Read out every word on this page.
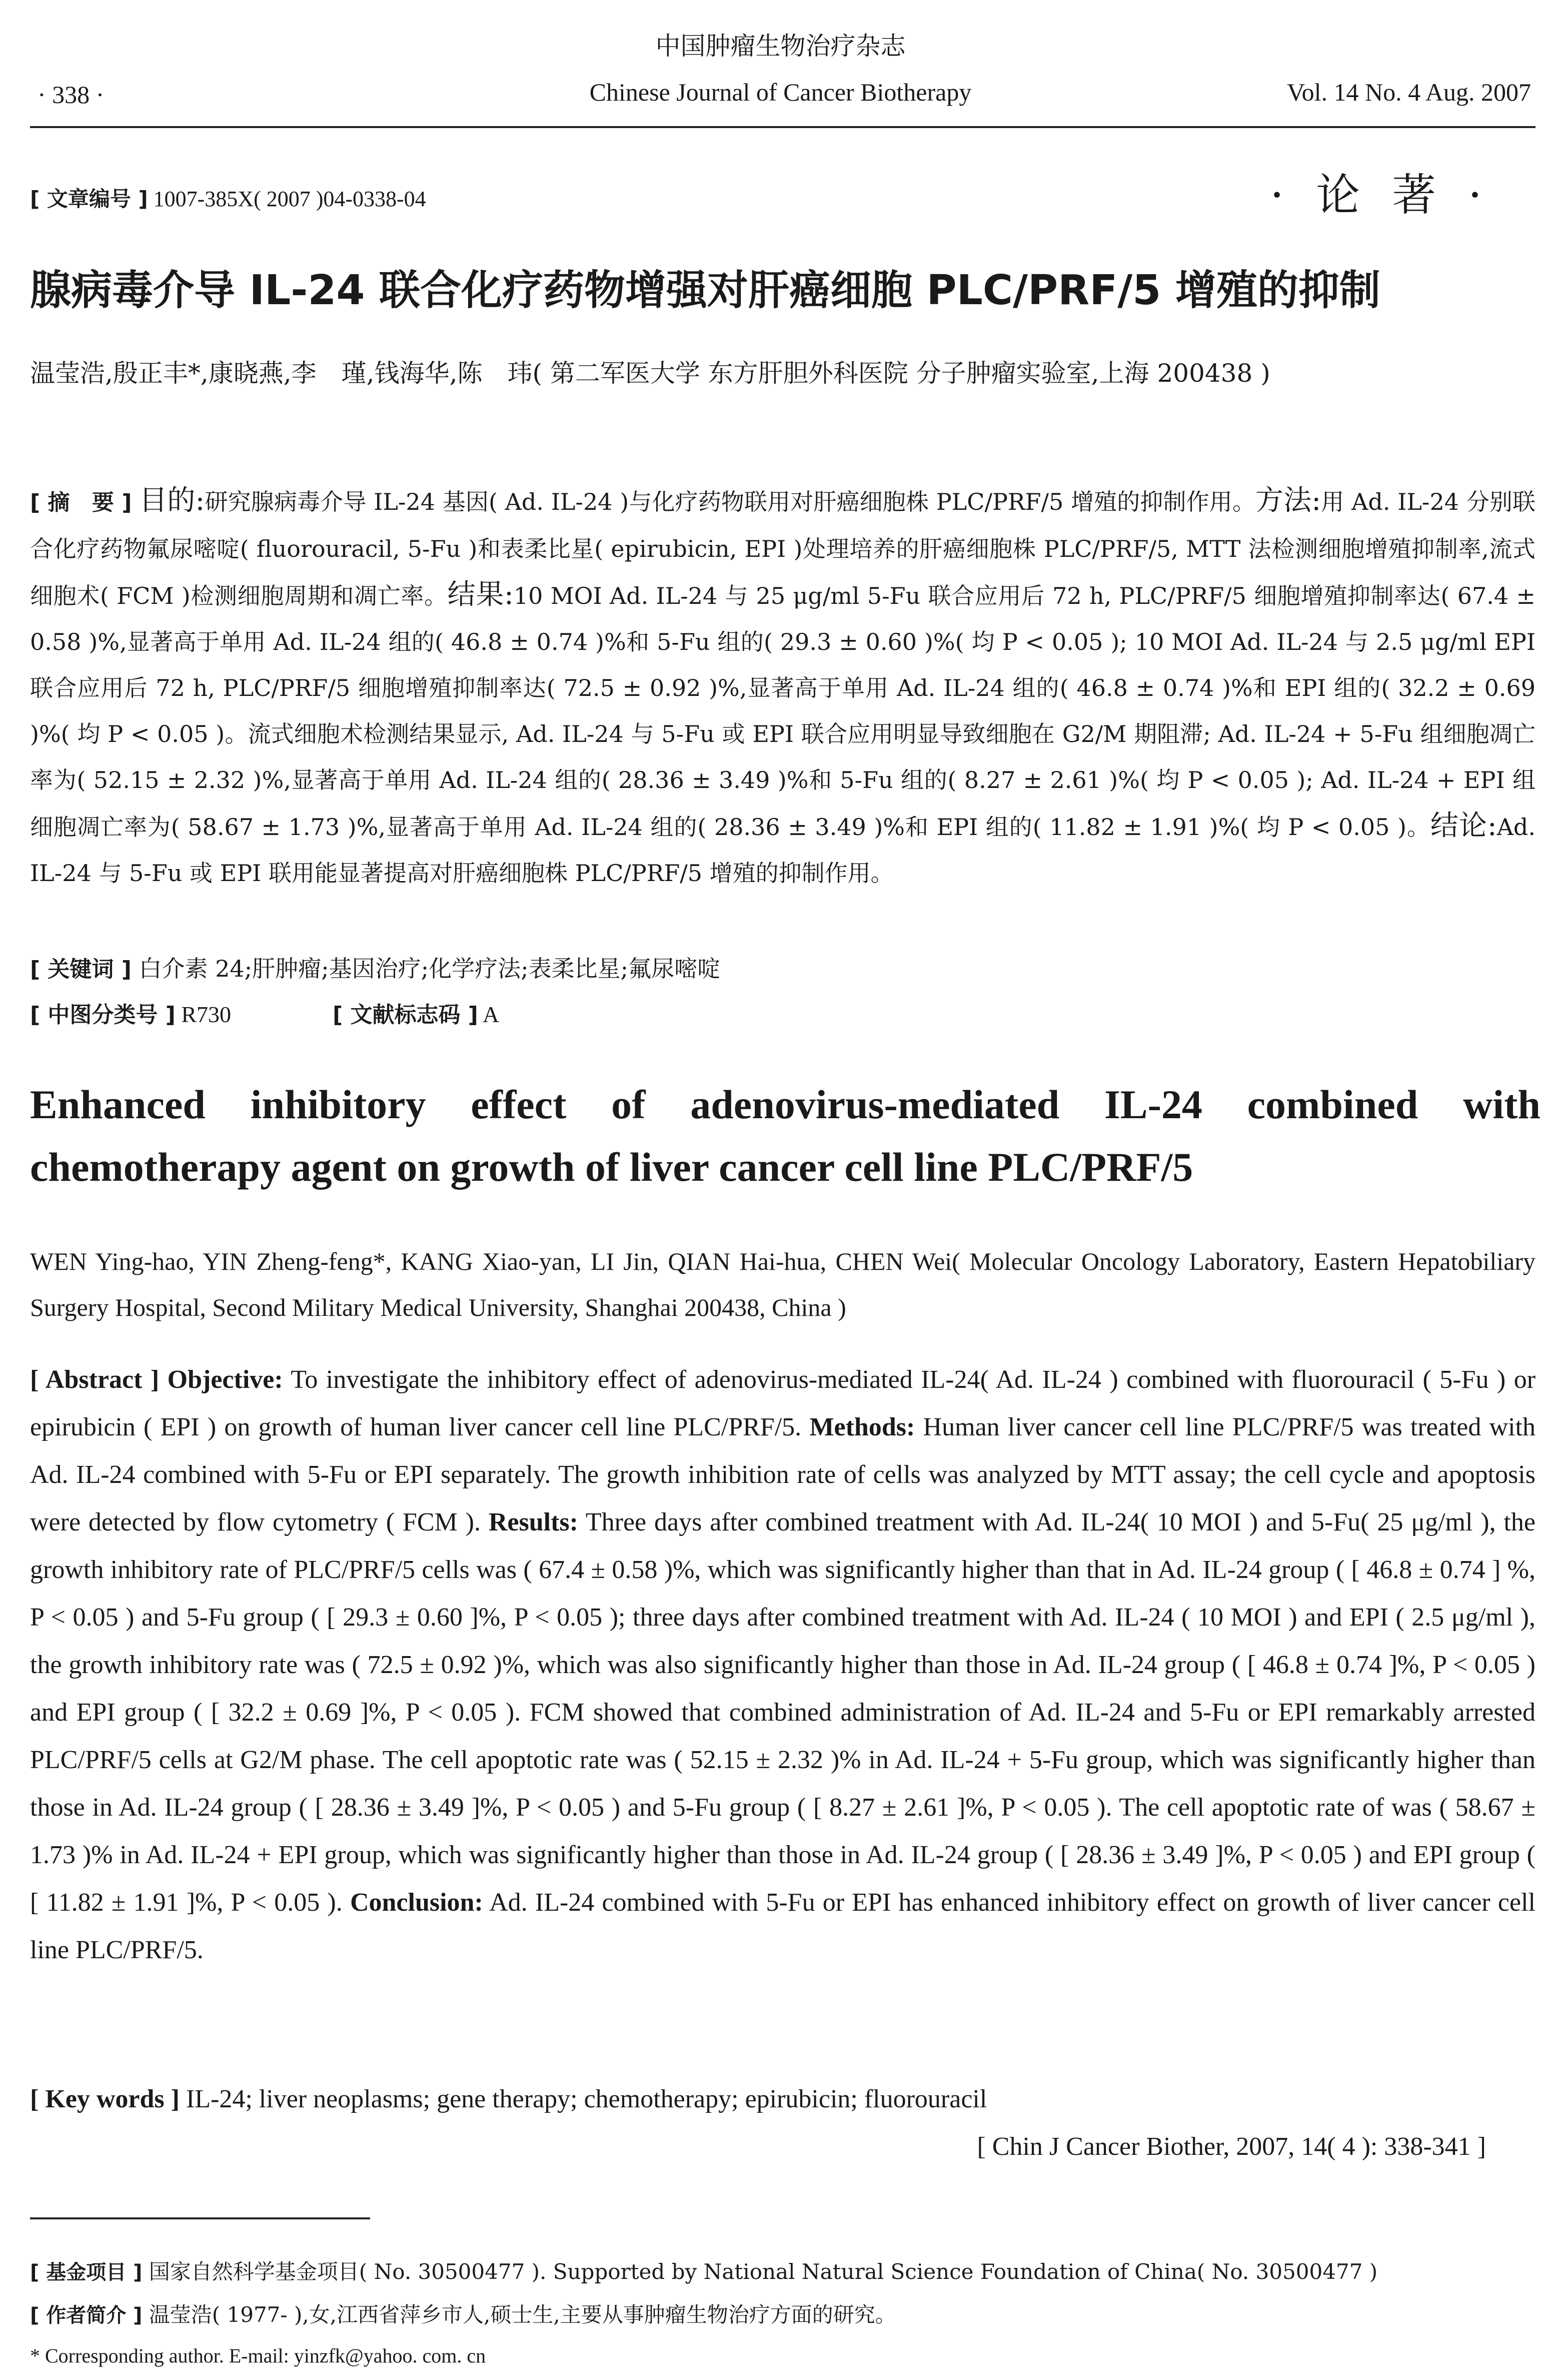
中国肿瘤生物治疗杂志
· 338 ·	Chinese Journal of Cancer Biotherapy	Vol. 14 No. 4 Aug. 2007
[ 文章编号 ] 1007-385X( 2007 )04-0338-04	· 论 著 ·
腺病毒介导 IL-24 联合化疗药物增强对肝癌细胞 PLC/PRF/5 增殖的抑制
温莹浩,殷正丰*,康晓燕,李　瑾,钱海华,陈　玮( 第二军医大学 东方肝胆外科医院 分子肿瘤实验室,上海 200438 )
[ 摘　要 ] 目的:研究腺病毒介导 IL-24 基因( Ad. IL-24 )与化疗药物联用对肝癌细胞株 PLC/PRF/5 增殖的抑制作用。方法:用 Ad. IL-24 分别联合化疗药物氟尿嘧啶( fluorouracil, 5-Fu )和表柔比星( epirubicin, EPI )处理培养的肝癌细胞株 PLC/PRF/5, MTT 法检测细胞增殖抑制率,流式细胞术( FCM )检测细胞周期和凋亡率。结果:10 MOI Ad. IL-24 与 25 μg/ml 5-Fu 联合应用后 72 h, PLC/PRF/5 细胞增殖抑制率达( 67.4 ± 0.58 )%,显著高于单用 Ad. IL-24 组的( 46.8 ± 0.74 )%和 5-Fu 组的( 29.3 ± 0.60 )%( 均 P < 0.05 ); 10 MOI Ad. IL-24 与 2.5 μg/ml EPI 联合应用后 72 h, PLC/PRF/5 细胞增殖抑制率达( 72.5 ± 0.92 )%,显著高于单用 Ad. IL-24 组的( 46.8 ± 0.74 )%和 EPI 组的( 32.2 ± 0.69 )%( 均 P < 0.05 )。流式细胞术检测结果显示, Ad. IL-24 与 5-Fu 或 EPI 联合应用明显导致细胞在 G2/M 期阻滞; Ad. IL-24 + 5-Fu 组细胞凋亡率为( 52.15 ± 2.32 )%,显著高于单用 Ad. IL-24 组的( 28.36 ± 3.49 )%和 5-Fu 组的( 8.27 ± 2.61 )%( 均 P < 0.05 ); Ad. IL-24 + EPI 组细胞凋亡率为( 58.67 ± 1.73 )%,显著高于单用 Ad. IL-24 组的( 28.36 ± 3.49 )%和 EPI 组的( 11.82 ± 1.91 )%( 均 P < 0.05 )。结论:Ad. IL-24 与 5-Fu 或 EPI 联用能显著提高对肝癌细胞株 PLC/PRF/5 增殖的抑制作用。
[ 关键词 ] 白介素 24;肝肿瘤;基因治疗;化学疗法;表柔比星;氟尿嘧啶
[ 中图分类号 ] R730	[ 文献标志码 ] A
Enhanced inhibitory effect of adenovirus-mediated IL-24 combined with chemotherapy agent on growth of liver cancer cell line PLC/PRF/5
WEN Ying-hao, YIN Zheng-feng*, KANG Xiao-yan, LI Jin, QIAN Hai-hua, CHEN Wei( Molecular Oncology Laboratory, Eastern Hepatobiliary Surgery Hospital, Second Military Medical University, Shanghai 200438, China )
[ Abstract ] Objective: To investigate the inhibitory effect of adenovirus-mediated IL-24( Ad. IL-24 ) combined with fluorouracil ( 5-Fu ) or epirubicin ( EPI ) on growth of human liver cancer cell line PLC/PRF/5. Methods: Human liver cancer cell line PLC/PRF/5 was treated with Ad. IL-24 combined with 5-Fu or EPI separately. The growth inhibition rate of cells was analyzed by MTT assay; the cell cycle and apoptosis were detected by flow cytometry ( FCM ). Results: Three days after combined treatment with Ad. IL-24( 10 MOI ) and 5-Fu( 25 μg/ml ), the growth inhibitory rate of PLC/PRF/5 cells was ( 67.4 ± 0.58 )%, which was significantly higher than that in Ad. IL-24 group ( [ 46.8 ± 0.74 ] %, P < 0.05 ) and 5-Fu group ( [ 29.3 ± 0.60 ]%, P < 0.05 ); three days after combined treatment with Ad. IL-24 ( 10 MOI ) and EPI ( 2.5 μg/ml ), the growth inhibitory rate was ( 72.5 ± 0.92 )%, which was also significantly higher than those in Ad. IL-24 group ( [ 46.8 ± 0.74 ]%, P < 0.05 ) and EPI group ( [ 32.2 ± 0.69 ]%, P < 0.05 ). FCM showed that combined administration of Ad. IL-24 and 5-Fu or EPI remarkably arrested PLC/PRF/5 cells at G2/M phase. The cell apoptotic rate was ( 52.15 ± 2.32 )% in Ad. IL-24 + 5-Fu group, which was significantly higher than those in Ad. IL-24 group ( [ 28.36 ± 3.49 ]%, P < 0.05 ) and 5-Fu group ( [ 8.27 ± 2.61 ]%, P < 0.05 ). The cell apoptotic rate of was ( 58.67 ± 1.73 )% in Ad. IL-24 + EPI group, which was significantly higher than those in Ad. IL-24 group ( [ 28.36 ± 3.49 ]%, P < 0.05 ) and EPI group ( [ 11.82 ± 1.91 ]%, P < 0.05 ). Conclusion: Ad. IL-24 combined with 5-Fu or EPI has enhanced inhibitory effect on growth of liver cancer cell line PLC/PRF/5.
[ Key words ] IL-24; liver neoplasms; gene therapy; chemotherapy; epirubicin; fluorouracil
[ Chin J Cancer Biother, 2007, 14( 4 ): 338-341 ]
[ 基金项目 ] 国家自然科学基金项目( No. 30500477 ). Supported by National Natural Science Foundation of China( No. 30500477 )
[ 作者简介 ] 温莹浩( 1977- ),女,江西省萍乡市人,硕士生,主要从事肿瘤生物治疗方面的研究。
* Corresponding author. E-mail: yinzfk@yahoo. com. cn
